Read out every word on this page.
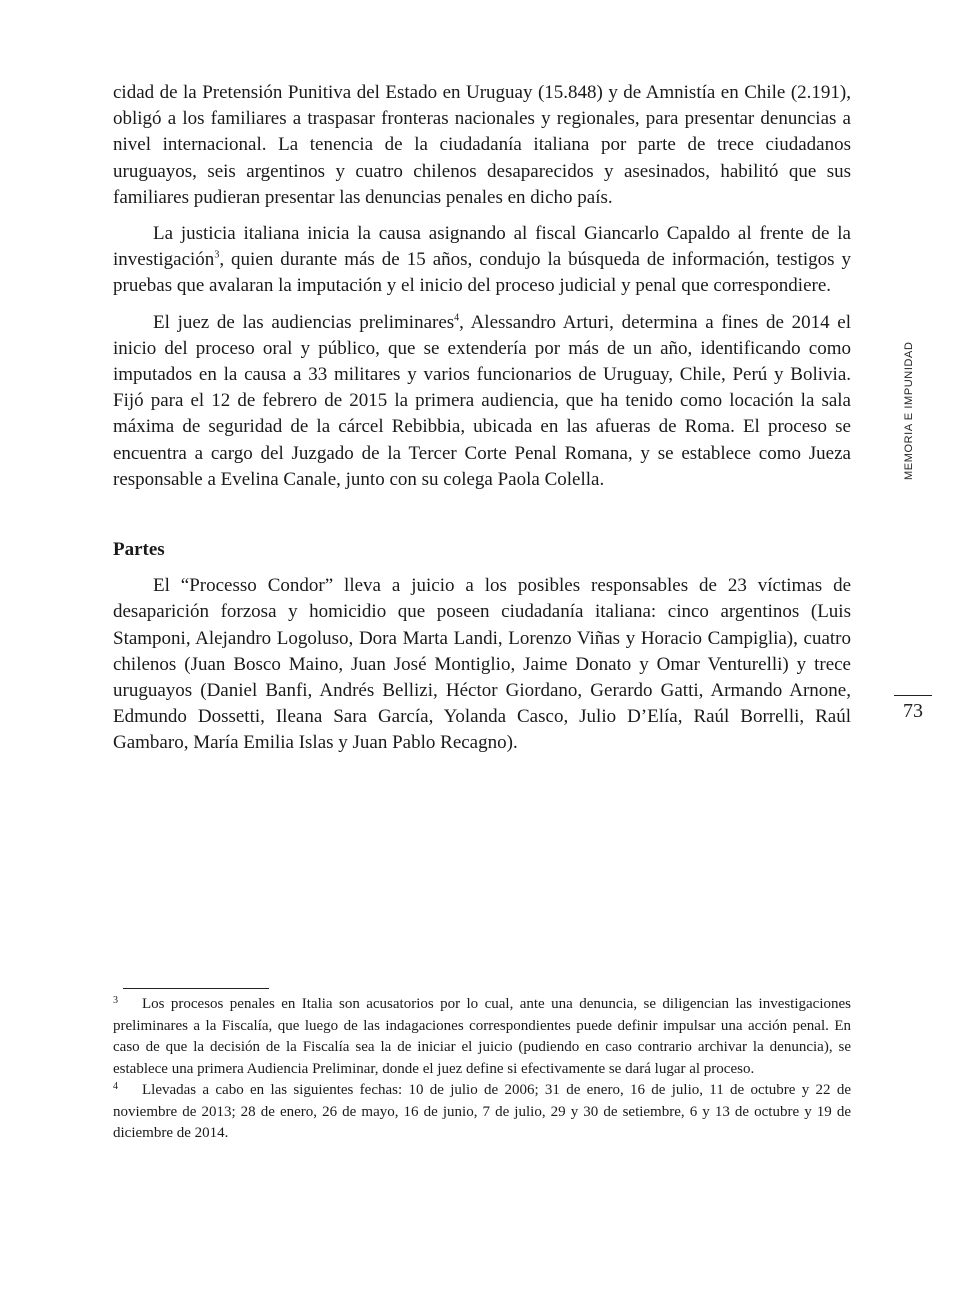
cidad de la Pretensión Punitiva del Estado en Uruguay (15.848) y de Amnistía en Chile (2.191), obligó a los familiares a traspasar fronteras nacionales y regionales, para presentar denuncias a nivel internacional. La tenencia de la ciudadanía italiana por parte de trece ciudadanos uruguayos, seis argentinos y cuatro chilenos desaparecidos y asesinados, habilitó que sus familiares pudieran presentar las denuncias penales en dicho país.

La justicia italiana inicia la causa asignando al fiscal Giancarlo Capaldo al frente de la investigación$^3$, quien durante más de 15 años, condujo la búsqueda de información, testigos y pruebas que avalaran la imputación y el inicio del proceso judicial y penal que correspondiere.

El juez de las audiencias preliminares$^4$, Alessandro Arturi, determina a fines de 2014 el inicio del proceso oral y público, que se extendería por más de un año, identificando como imputados en la causa a 33 militares y varios funcionarios de Uruguay, Chile, Perú y Bolivia. Fijó para el 12 de febrero de 2015 la primera audiencia, que ha tenido como locación la sala máxima de seguridad de la cárcel Rebibbia, ubicada en las afueras de Roma. El proceso se encuentra a cargo del Juzgado de la Tercer Corte Penal Romana, y se establece como Jueza responsable a Evelina Canale, junto con su colega Paola Colella.

Partes

El “Processo Condor” lleva a juicio a los posibles responsables de 23 víctimas de desaparición forzosa y homicidio que poseen ciudadanía italiana: cinco argentinos (Luis Stamponi, Alejandro Logoluso, Dora Marta Landi, Lorenzo Viñas y Horacio Campiglia), cuatro chilenos (Juan Bosco Maino, Juan José Montiglio, Jaime Donato y Omar Venturelli) y trece uruguayos (Daniel Banfi, Andrés Bellizi, Héctor Giordano, Gerardo Gatti, Armando Arnone, Edmundo Dossetti, Ileana Sara García, Yolanda Casco, Julio D’Elía, Raúl Borrelli, Raúl Gambaro, María Emilia Islas y Juan Pablo Recagno).

MEMORIA E IMPUNIDAD
73

3 Los procesos penales en Italia son acusatorios por lo cual, ante una denuncia, se diligencian las investigaciones preliminares a la Fiscalía, que luego de las indagaciones correspondientes puede definir impulsar una acción penal. En caso de que la decisión de la Fiscalía sea la de iniciar el juicio (pudiendo en caso contrario archivar la denuncia), se establece una primera Audiencia Preliminar, donde el juez define si efectivamente se dará lugar al proceso.

4 Llevadas a cabo en las siguientes fechas: 10 de julio de 2006; 31 de enero, 16 de julio, 11 de octubre y 22 de noviembre de 2013; 28 de enero, 26 de mayo, 16 de junio, 7 de julio, 29 y 30 de setiembre, 6 y 13 de octubre y 19 de diciembre de 2014.
